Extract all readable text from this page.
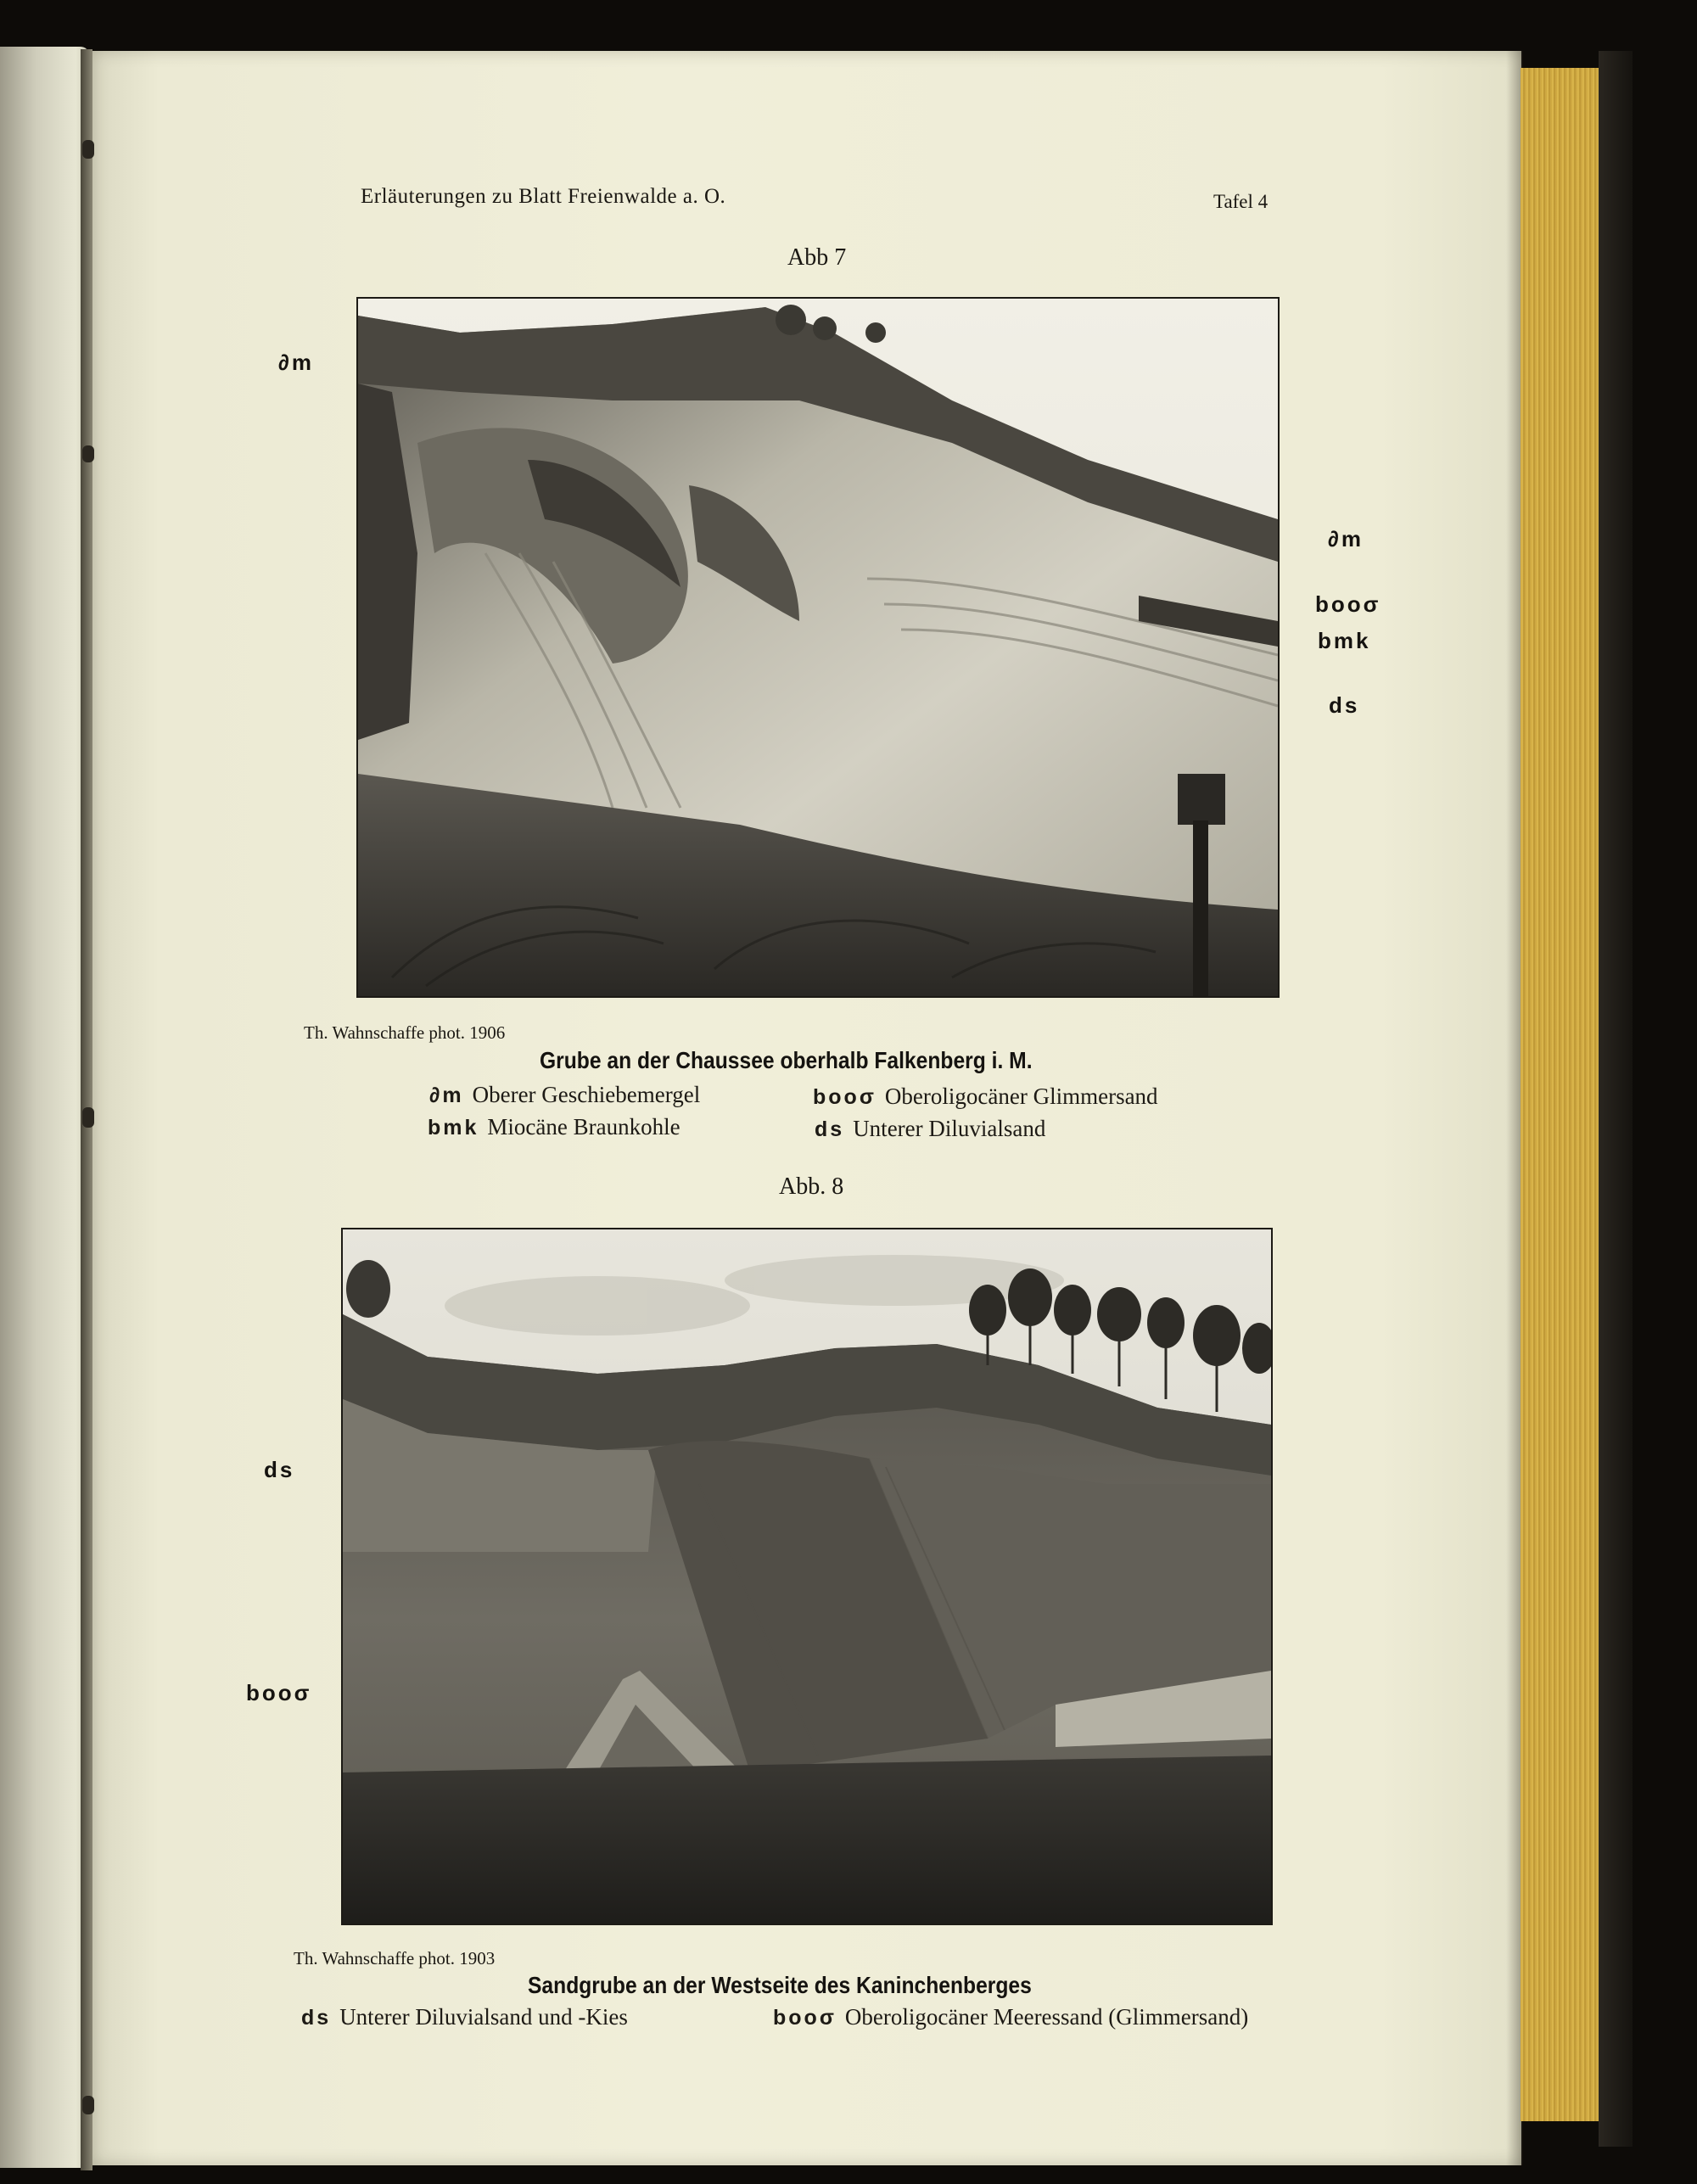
Erläuterungen zu Blatt Freienwalde a. O.	Tafel 4
Abb 7
∂m
∂m
booσ
bmk
ds
Th. Wahnschaffe phot. 1906
Grube an der Chaussee oberhalb Falkenberg i. M.
∂m Oberer Geschiebemergel	booσ Oberoligocäner Glimmersand
bmk Miocäne Braunkohle	ds Unterer Diluvialsand
Abb. 8
ds
booσ
Th. Wahnschaffe phot. 1903
Sandgrube an der Westseite des Kaninchenberges
ds Unterer Diluvialsand und -Kies	booσ Oberoligocäner Meeressand (Glimmersand)
